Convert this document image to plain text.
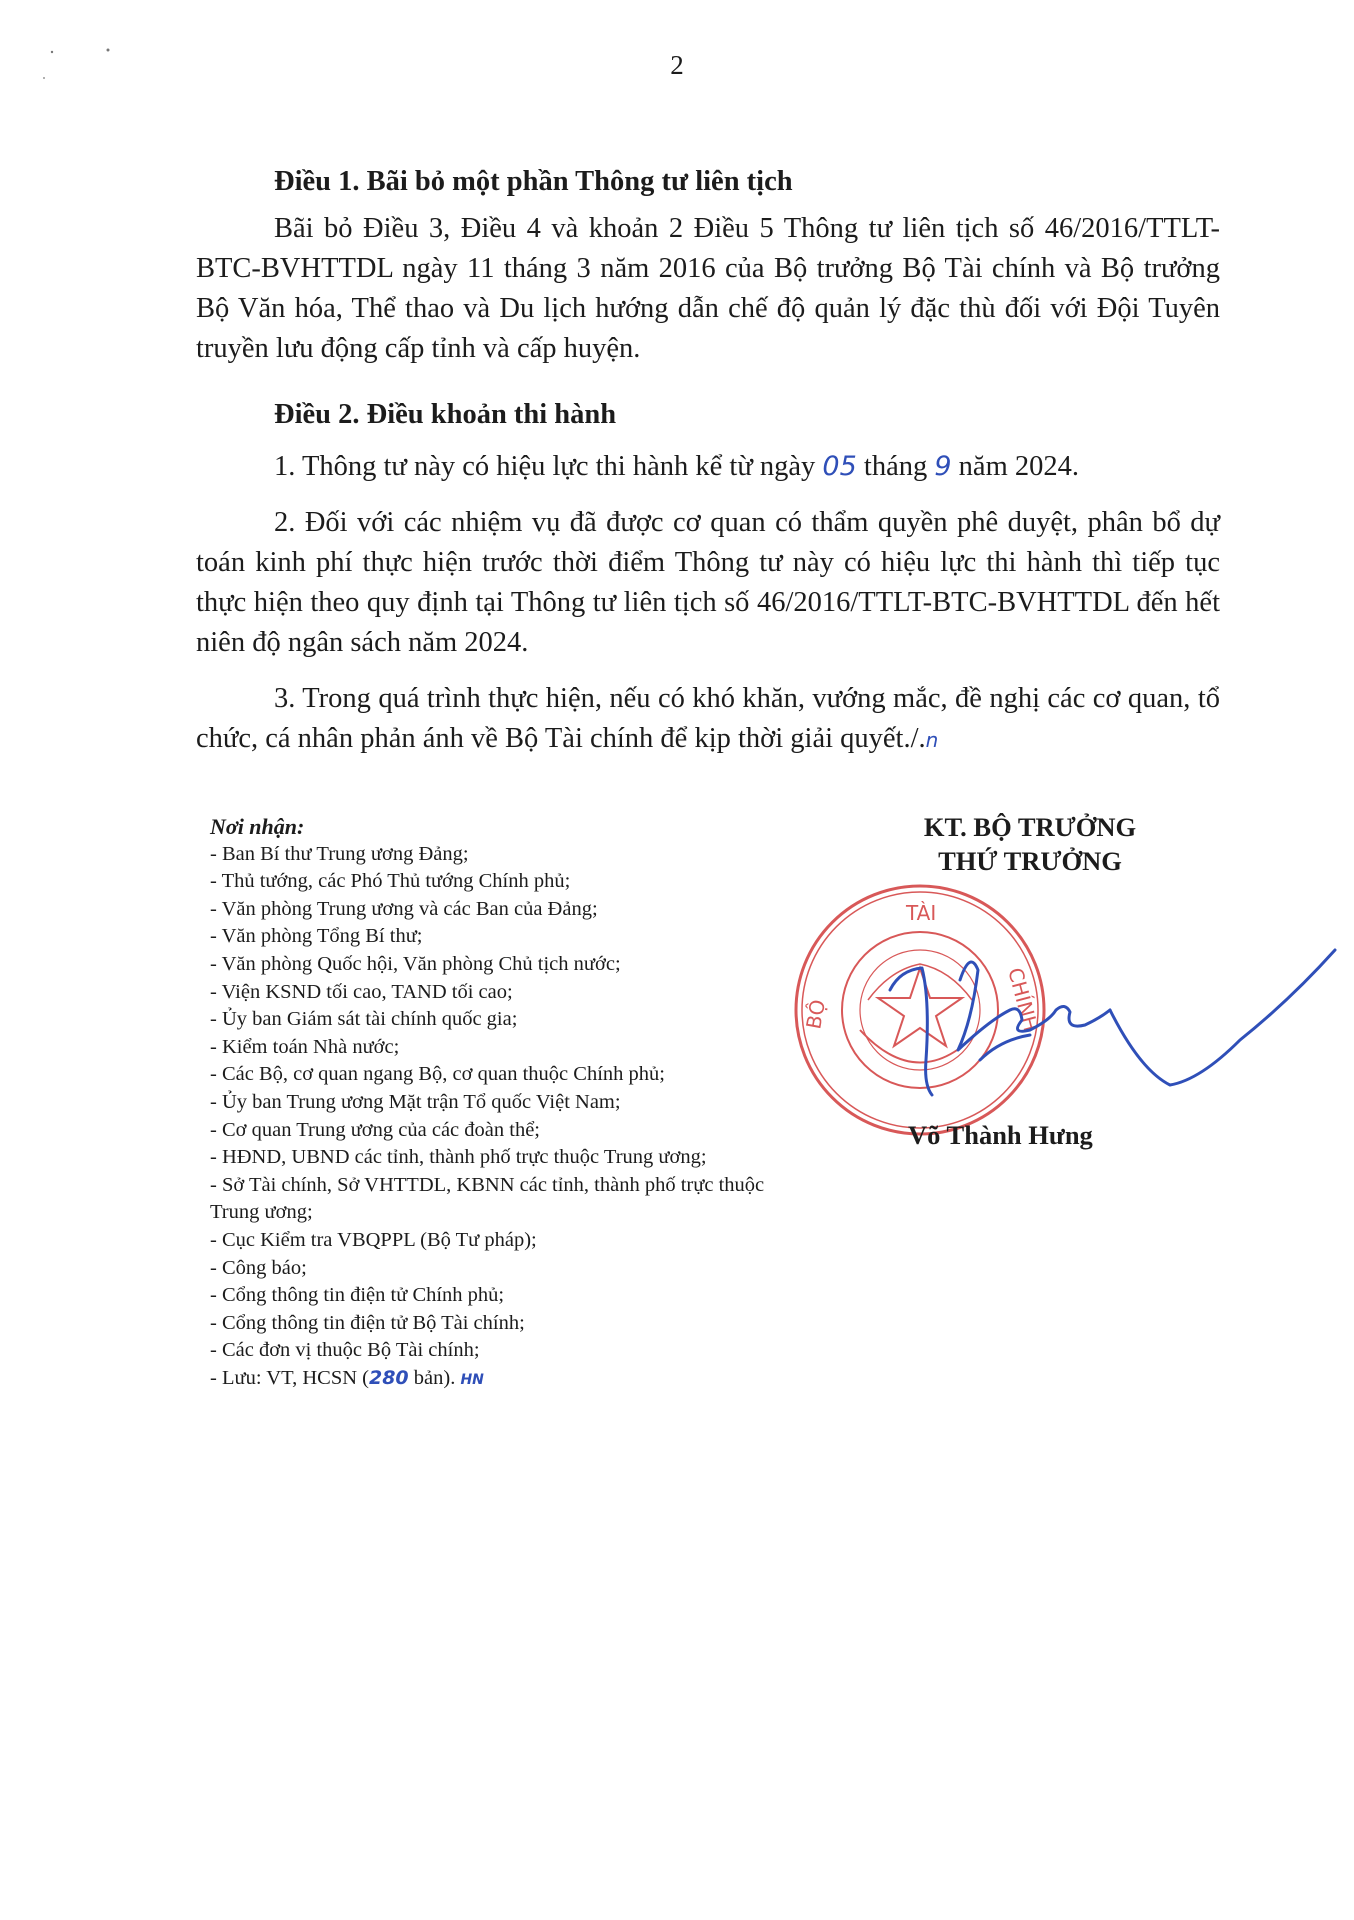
2
Điều 1. Bãi bỏ một phần Thông tư liên tịch
Bãi bỏ Điều 3, Điều 4 và khoản 2 Điều 5 Thông tư liên tịch số 46/2016/TTLT-BTC-BVHTTDL ngày 11 tháng 3 năm 2016 của Bộ trưởng Bộ Tài chính và Bộ trưởng Bộ Văn hóa, Thể thao và Du lịch hướng dẫn chế độ quản lý đặc thù đối với Đội Tuyên truyền lưu động cấp tỉnh và cấp huyện.
Điều 2. Điều khoản thi hành
1. Thông tư này có hiệu lực thi hành kể từ ngày 05 tháng 9 năm 2024.
2. Đối với các nhiệm vụ đã được cơ quan có thẩm quyền phê duyệt, phân bổ dự toán kinh phí thực hiện trước thời điểm Thông tư này có hiệu lực thi hành thì tiếp tục thực hiện theo quy định tại Thông tư liên tịch số 46/2016/TTLT-BTC-BVHTTDL đến hết niên độ ngân sách năm 2024.
3. Trong quá trình thực hiện, nếu có khó khăn, vướng mắc, đề nghị các cơ quan, tổ chức, cá nhân phản ánh về Bộ Tài chính để kịp thời giải quyết./.n
Nơi nhận:
- Ban Bí thư Trung ương Đảng;
- Thủ tướng, các Phó Thủ tướng Chính phủ;
- Văn phòng Trung ương và các Ban của Đảng;
- Văn phòng Tổng Bí thư;
- Văn phòng Quốc hội, Văn phòng Chủ tịch nước;
- Viện KSND tối cao, TAND tối cao;
- Ủy ban Giám sát tài chính quốc gia;
- Kiểm toán Nhà nước;
- Các Bộ, cơ quan ngang Bộ, cơ quan thuộc Chính phủ;
- Ủy ban Trung ương Mặt trận Tổ quốc Việt Nam;
- Cơ quan Trung ương của các đoàn thể;
- HĐND, UBND các tỉnh, thành phố trực thuộc Trung ương;
- Sở Tài chính, Sở VHTTDL, KBNN các tỉnh, thành phố trực thuộc Trung ương;
- Cục Kiểm tra VBQPPL (Bộ Tư pháp);
- Công báo;
- Cổng thông tin điện tử Chính phủ;
- Cổng thông tin điện tử Bộ Tài chính;
- Các đơn vị thuộc Bộ Tài chính;
- Lưu: VT, HCSN (280 bản). HN
KT. BỘ TRƯỞNG
THỨ TRƯỞNG
TÀI
BỘ	CHÍNH
Võ Thành Hưng
